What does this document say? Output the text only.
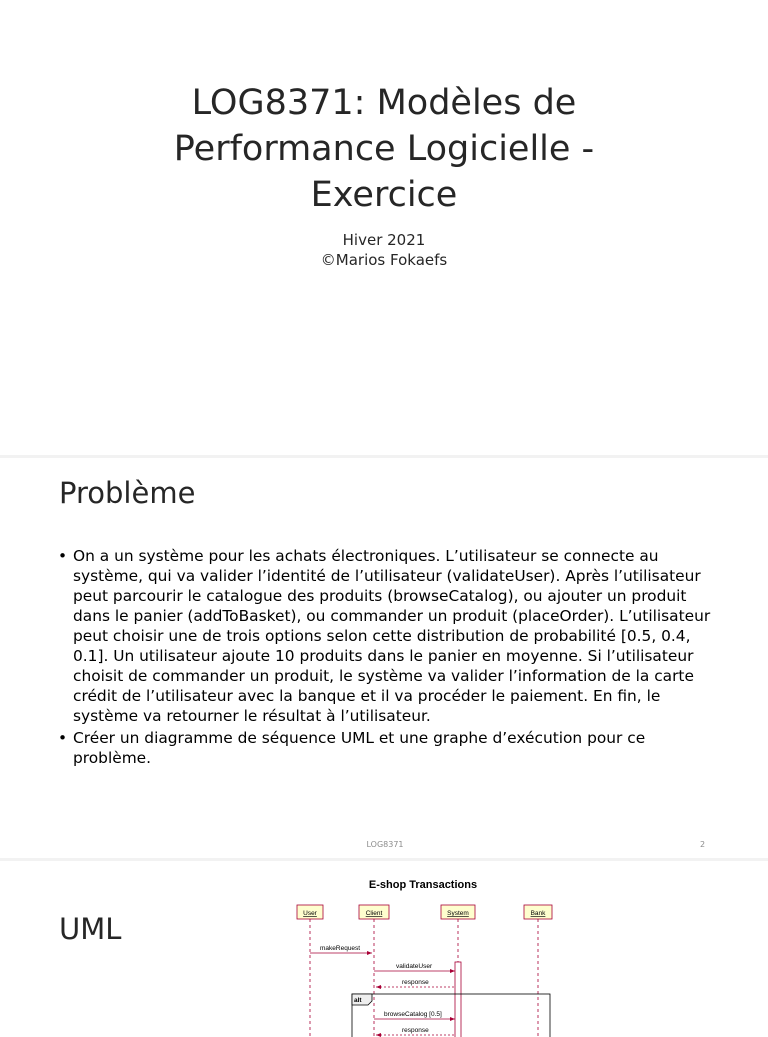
LOG8371: Modèles de
Performance Logicielle -
Exercice
Hiver 2021
©Marios Fokaefs
Problème
• On a un système pour les achats électroniques. L’utilisateur se connecte au système, qui va valider l’identité de l’utilisateur (validateUser). Après l’utilisateur peut parcourir le catalogue des produits (browseCatalog), ou ajouter un produit dans le panier (addToBasket), ou commander un produit (placeOrder). L’utilisateur peut choisir une de trois options selon cette distribution de probabilité [0.5, 0.4, 0.1]. Un utilisateur ajoute 10 produits dans le panier en moyenne. Si l’utilisateur choisit de commander un produit, le système va valider l’information de la carte crédit de l’utilisateur avec la banque et il va procéder le paiement. En fin, le système va retourner le résultat à l’utilisateur.
• Créer un diagramme de séquence UML et une graphe d’exécution pour ce problème.
LOG8371	2
UML
E-shop Transactions
User	Client	System	Bank
makeRequest
validateUser
response
alt
browseCatalog [0.5]
response
